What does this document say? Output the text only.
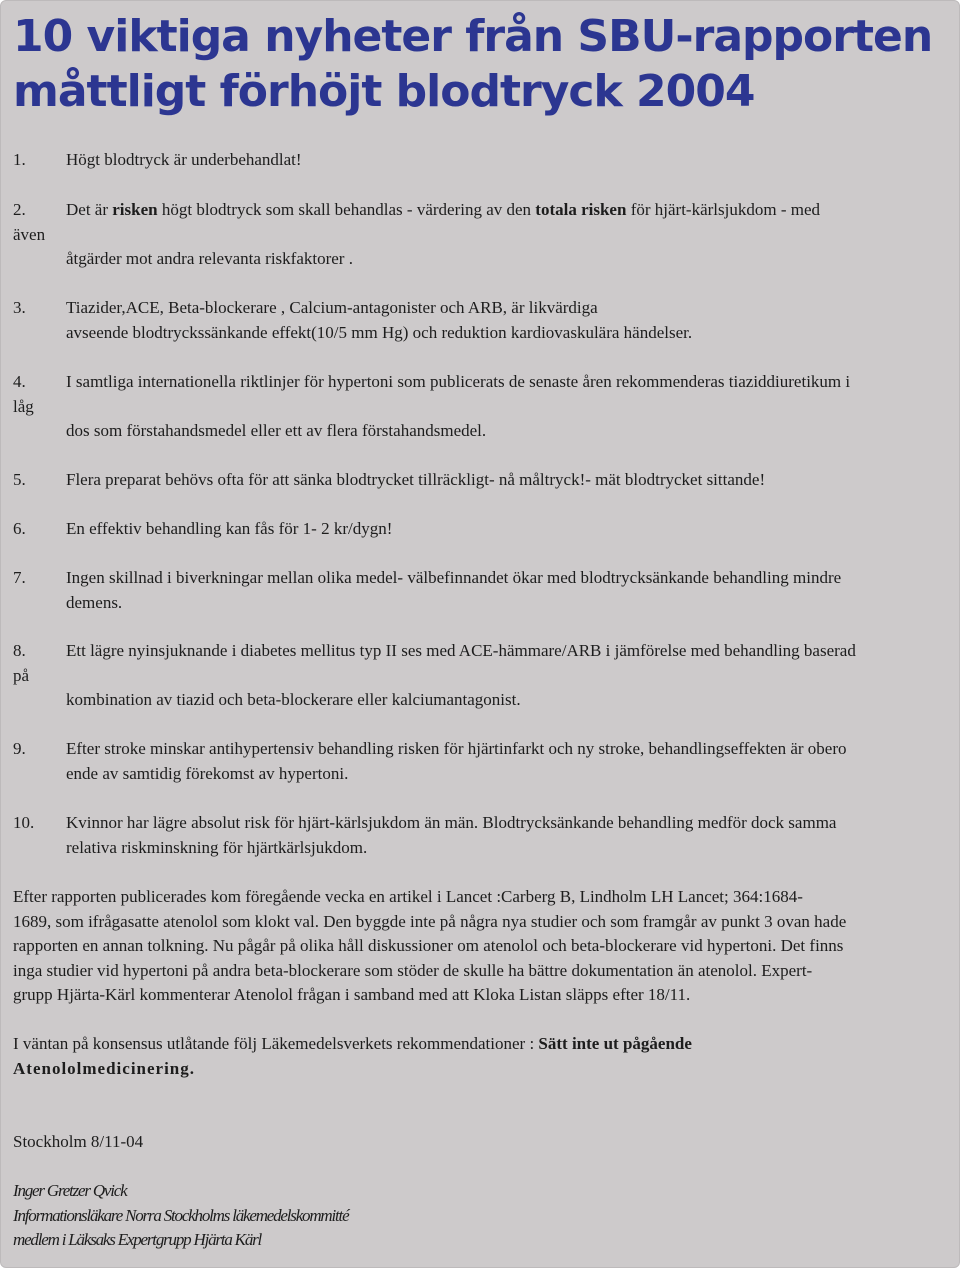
10 viktiga nyheter från SBU-rapporten
måttligt förhöjt blodtryck 2004
1.	Högt blodtryck är underbehandlat!
2.	Det är risken högt blodtryck som skall behandlas - värdering av den totala risken för hjärt-kärlsjukdom - med
även
åtgärder mot andra relevanta riskfaktorer .
3.	Tiazider,ACE, Beta-blockerare , Calcium-antagonister och ARB, är likvärdiga
avseende blodtryckssänkande effekt(10/5 mm Hg) och reduktion kardiovaskulära händelser.
4.	I samtliga internationella riktlinjer för hypertoni som publicerats de senaste åren rekommenderas tiaziddiuretikum i
låg
dos som förstahandsmedel eller ett av flera förstahandsmedel.
5.	Flera preparat behövs ofta för att sänka blodtrycket tillräckligt- nå måltryck!- mät blodtrycket sittande!
6.	En effektiv behandling kan fås för 1- 2 kr/dygn!
7.	Ingen skillnad i biverkningar mellan olika medel- välbefinnandet ökar med blodtrycksänkande behandling mindre
demens.
8.	Ett lägre nyinsjuknande i diabetes mellitus typ II ses med ACE-hämmare/ARB i jämförelse med behandling baserad
på
kombination av tiazid och beta-blockerare eller kalciumantagonist.
9.	Efter stroke minskar antihypertensiv behandling risken för hjärtinfarkt och ny stroke, behandlingseffekten är obero
ende av samtidig förekomst av hypertoni.
10.	Kvinnor har lägre absolut risk för hjärt-kärlsjukdom än män. Blodtrycksänkande behandling medför dock samma
relativa riskminskning för hjärtkärlsjukdom.
Efter rapporten publicerades kom föregående vecka en artikel i Lancet :Carberg B, Lindholm LH Lancet; 364:1684-
1689, som ifrågasatte atenolol som klokt val. Den byggde inte på några nya studier och som framgår av punkt 3 ovan hade
rapporten en annan tolkning. Nu pågår på olika håll diskussioner om atenolol och beta-blockerare vid hypertoni. Det finns
inga studier vid hypertoni på andra beta-blockerare som stöder de skulle ha bättre dokumentation än atenolol. Expert-
grupp Hjärta-Kärl kommenterar Atenolol frågan i samband med att Kloka Listan släpps efter 18/11.
I väntan på konsensus utlåtande följ Läkemedelsverkets rekommendationer : Sätt inte ut pågående
Atenololmedicinering.
Stockholm 8/11-04
Inger Gretzer Qvick
Informationsläkare Norra Stockholms läkemedelskommitté
medlem i Läksaks Expertgrupp Hjärta Kärl
